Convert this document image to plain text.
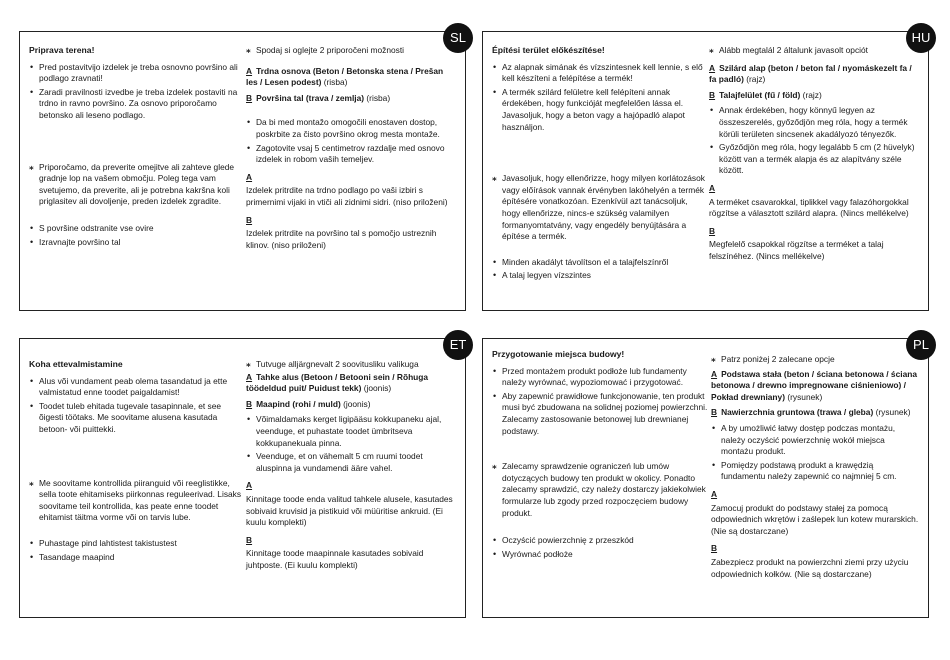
SL

Priprava terena!

• Pred postavitvijo izdelek je treba osnovno površino ali podlago zravnati!

• Zaradi pravilnosti izvedbe je treba izdelek postaviti na trdno in ravno površino. Za osnovo priporočamo betonsko ali leseno podlago.

⁎ Priporočamo, da preverite omejitve ali zahteve glede gradnje lop na vašem območju. Poleg tega vam svetujemo, da preverite, ali je potrebna kakršna koli priglasitev ali dovoljenje, preden izdelek zgradite.

• S površine odstranite vse ovire

• Izravnajte površino tal

⁎ Spodaj si oglejte 2 priporočeni možnosti

A Trdna osnova (Beton / Betonska stena / Prešan les / Lesen podest) (risba)

B Površina tal (trava / zemlja) (risba)

• Da bi med montažo omogočili enostaven dostop, poskrbite za čisto površino okrog mesta montaže.

• Zagotovite vsaj 5 centimetrov razdalje med osnovo izdelek in robom vaših temeljev.

A

Izdelek pritrdite na trdno podlago po vaši izbiri s primernimi vijaki in vtiči ali zidnimi sidri. (niso priloženi)

B

Izdelek pritrdite na površino tal s pomočjo ustreznih klinov. (niso priloženi)

HU

Építési terület előkészítése!

• Az alapnak simának és vízszintesnek kell lennie, s elő kell készíteni a felépítése a termék!

• A termék szilárd felületre kell felépíteni annak érdekében, hogy funkcióját megfelelően lássa el. Javasoljuk, hogy a beton vagy a hajópadló alapot használjon.

⁎ Javasoljuk, hogy ellenőrizze, hogy milyen korlátozások vagy előírások vannak érvényben lakóhelyén a termék építésére vonatkozóan. Ezenkívül azt tanácsoljuk, hogy ellenőrizze, nincs-e szükség valamilyen formanyomtatvány, vagy engedély benyújtására a építése a termék.

• Minden akadályt távolítson el a talajfelszínről

• A talaj legyen vízszintes

⁎ Alább megtalál 2 általunk javasolt opciót

A Szilárd alap (beton / beton fal / nyomáskezelt fa / fa padló) (rajz)

B Talajfelület (fű / föld) (rajz)

• Annak érdekében, hogy könnyű legyen az összeszerelés, győződjön meg róla, hogy a termék körüli területen sincsenek akadályozó tényezők.

• Győződjön meg róla, hogy legalább 5 cm (2 hüvelyk) között van a termék alapja és az alapítvány széle között.

A

A terméket csavarokkal, tiplikkel vagy falazóhorgokkal rögzítse a választott szilárd alapra. (Nincs mellékelve)

B

Megfelelő csapokkal rögzítse a terméket a talaj felszínéhez. (Nincs mellékelve)

ET

Koha ettevalmistamine

• Alus või vundament peab olema tasandatud ja ette valmistatud enne toodet paigaldamist!

• Toodet tuleb ehitada tugevale tasapinnale, et see õigesti töötaks. Me soovitame alusena kasutada betoon- või puittekki.

⁎ Me soovitame kontrollida piiranguid või reeglistikke, sella toote ehitamiseks piirkonnas regulеerivad. Lisaks soovitame teil kontrollida, kas peate enne toodet ehitamist täitma vorme või on tarvis lube.

• Puhastage pind lahtistest takistustest

• Tasandage maapind

⁎ Tutvuge allјärgnevalt 2 soovitusliku valikuga

A Tahke alus (Betoon / Betooni sein / Rõhuga töödeldud puit/ Puidust tekk) (joonis)

B Maapind (rohi / muld) (joonis)

• Võimaldamaks kerget ligipääsu kokkupaneku ajal, veenduge, et puhastate toodet ümbritseva kokkupanekuala pinna.

• Veenduge, et on vähemalt 5 cm ruumi toodet aluspinna ja vundamendi äärе vahel.

A

Kinnitage toode enda valitud tahkele alusele, kasutades sobivaid kruvisid ja pistikuid või müüritise ankruid. (Ei kuulu komplekti)

B

Kinnitage toode maapinnale kasutades sobivaid juhtposte. (Ei kuulu komplekti)

PL

Przygotowanie miejsca budowy!

• Przed montażem produkt podłoże lub fundamenty należy wyrównać, wypoziomować i przygotować.

• Aby zapewnić prawidłowe funkcjonowanie, ten produkt musi być zbudowana na solidnej poziomej powierzchni. Zalecamy zastosowanie betonowej lub drewnianej podstawy.

⁎ Zalecamy sprawdzenie ograniczeń lub umów dotyczących budowy ten produkt w okolicy. Ponadto zalecamy sprawdzić, czy należy dostarczy jakiekolwiek formularze lub zgody przed rozpoczęciem budowy produkt.

• Oczyścić powierzchnię z przeszkód

• Wyrównać podłoże

⁎ Patrz poniżej 2 zalecane opcje

A Podstawa stała (beton / ściana betonowa / ściana betonowa / drewno impregnowane ciśnieniowo) / Pokład drewniany) (rysunek)

B Nawierzchnia gruntowa (trawa / gleba) (rysunek)

• A by umożliwić łatwy dostęp podczas montażu, należy oczyścić powierzchnię wokół miejsca montażu produkt.

• Pomiędzy podstawą produkt a krawędzią fundamentu należy zapewnić co najmniej 5 cm.

A

Zamocuj produkt do podstawy stałej za pomocą odpowiednich wkrętów i zaślepek lun kotew murarskich. (Nie są dostarczane)

B

Zabezpiecz produkt na powierzchni ziemi przy użyciu odpowiednich kołków. (Nie są dostarczane)
